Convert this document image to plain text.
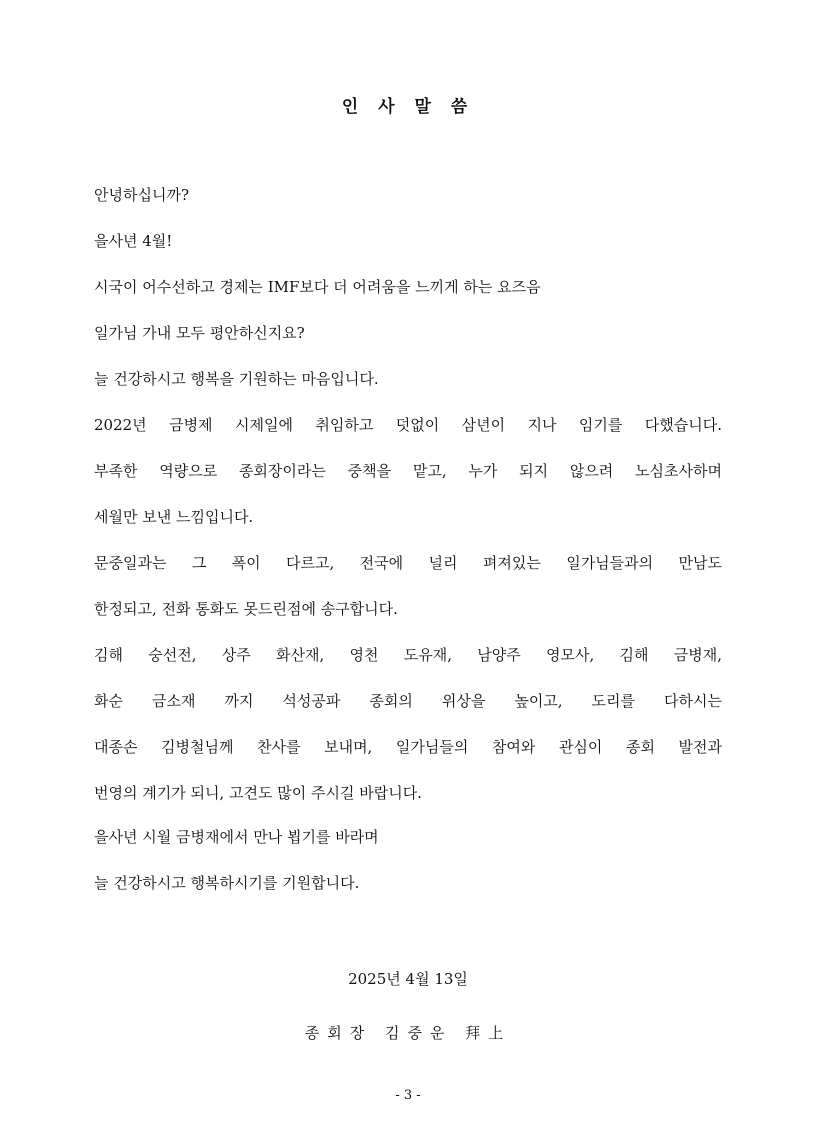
인 사 말 씀
안녕하십니까?
을사년 4월!
시국이 어수선하고 경제는 IMF보다 더 어려움을 느끼게 하는 요즈음
일가님 가내 모두 평안하신지요?
늘 건강하시고 행복을 기원하는 마음입니다.
2022년 금병제 시제일에 취임하고 덧없이 삼년이 지나 임기를 다했습니다.
부족한 역량으로 종회장이라는 중책을 맡고, 누가 되지 않으려 노심초사하며
세월만 보낸 느낌입니다.
문중일과는 그 폭이 다르고, 전국에 널리 펴져있는 일가님들과의 만남도
한정되고, 전화 통화도 못드린점에 송구합니다.
김해 숭선전, 상주 화산재, 영천 도유재, 남양주 영모사, 김해 금병재,
화순 금소재 까지 석성공파 종회의 위상을 높이고, 도리를 다하시는
대종손 김병철님께 찬사를 보내며, 일가님들의 참여와 관심이 종회 발전과
번영의 계기가 되니, 고견도 많이 주시길 바랍니다.
을사년 시월 금병재에서 만나 뵙기를 바라며
늘 건강하시고 행복하시기를 기원합니다.
2025년 4월 13일
종회장 김중운 拜上
- 3 -
